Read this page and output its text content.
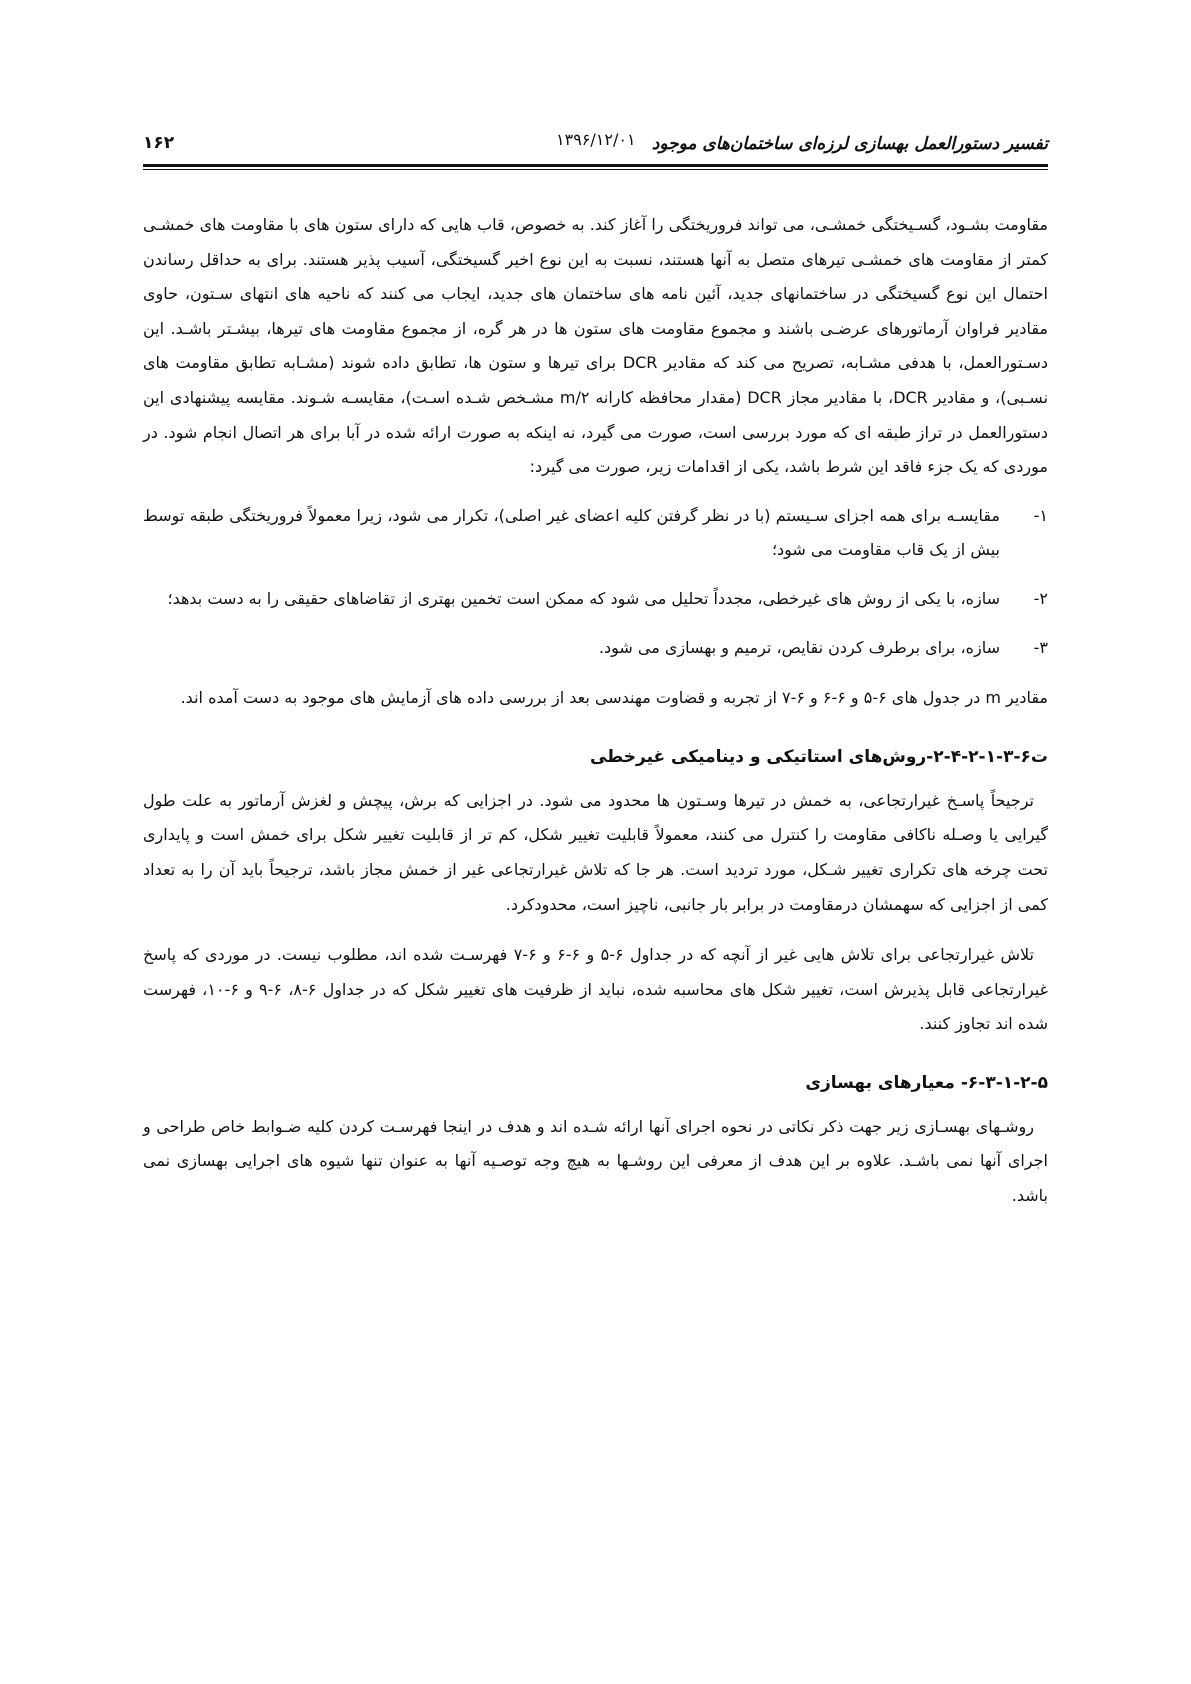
تفسیر دستورالعمل بهسازی لرزه‌ای ساختمان‌های موجود
۱۳۹۶/۱۲/۰۱
۱۶۲

مقاومت بشـود، گسـیختگی خمشـی، می تواند فروریختگی را آغاز کند. به خصوص، قاب هایی که دارای ستون های با مقاومت های خمشـی کمتر از مقاومت های خمشـی تیرهای متصل به آنها هستند، نسبت به این نوع اخیر گسیختگی، آسیب پذیر هستند. برای به حداقل رساندن احتمال این نوع گسیختگی در ساختمانهای جدید، آئین نامه های ساختمان های جدید، ایجاب می کنند که ناحیه های انتهای سـتون، حاوی مقادیر فراوان آرماتورهای عرضـی باشند و مجموع مقاومت های ستون ها در هر گره، از مجموع مقاومت های تیرها، بیشـتر باشـد. این دسـتورالعمل، با هدفی مشـابه، تصریح می کند که مقادیر DCR برای تیرها و ستون ها، تطابق داده شوند (مشـابه تطابق مقاومت های نسـبی)، و مقادیر DCR، با مقادیر مجاز DCR (مقدار محافظه کارانه m/۲ مشـخص شـده اسـت)، مقایسـه شـوند. مقایسه پیشنهادی این دستورالعمل در تراز طبقه ای که مورد بررسی است، صورت می گیرد، نه اینکه به صورت ارائه شده در آبا برای هر اتصال انجام شود. در موردی که یک جزء فاقد این شرط باشد، یکی از اقدامات زیر، صورت می گیرد:

۱-
مقایسـه برای همه اجزای سـیستم (با در نظر گرفتن کلیه اعضای غیر اصلی)، تکرار می شود، زیرا معمولاً فروریختگی طبقه توسط بیش از یک قاب مقاومت می شود؛
۲-
سازه، با یکی از روش های غیرخطی، مجدداً تحلیل می شود که ممکن است تخمین بهتری از تقاضاهای حقیقی را به دست بدهد؛
۳-
سازه، برای برطرف کردن نقایص، ترمیم و بهسازی می شود.

مقادیر m در جدول های ۶-۵ و ۶-۶ و ۶-۷ از تجربه و قضاوت مهندسی بعد از بررسی داده های آزمایش های موجود به دست آمده اند.

ت۶-۳-۱-۲-۴-۲-روش‌های استاتیکی و دینامیکی غیرخطی

ترجیحاً پاسـخ غیرارتجاعی، به خمش در تیرها وسـتون ها محدود می شود. در اجزایی که برش، پیچش و لغزش آرماتور به علت طول گیرایی یا وصـله ناکافی مقاومت را کنترل می کنند، معمولاً قابلیت تغییر شکل، کم تر از قابلیت تغییر شکل برای خمش است و پایداری تحت چرخه های تکراری تغییر شـکل، مورد تردید است. هر جا که تلاش غیرارتجاعی غیر از خمش مجاز باشد، ترجیحاً باید آن را به تعداد کمی از اجزایی که سهمشان درمقاومت در برابر بار جانبی، ناچیز است، محدودکرد.

تلاش غیرارتجاعی برای تلاش هایی غیر از آنچه که در جداول ۶-۵ و ۶-۶ و ۶-۷ فهرسـت شده اند، مطلوب نیست. در موردی که پاسخ غیرارتجاعی قابل پذیرش است، تغییر شکل های محاسبه شده، نباید از ظرفیت های تغییر شکل که در جداول ۶-۸، ۶-۹ و ۶-۱۰، فهرست شده اند تجاوز کنند.

۶-۳-۱-۲-۵- معیارهای بهسازی

روشـهای بهسـازی زیر جهت ذکر نکاتی در نحوه اجرای آنها ارائه شـده اند و هدف در اینجا فهرسـت کردن کلیه ضـوابط خاص طراحی و اجرای آنها نمی باشـد. علاوه بر این هدف از معرفی این روشـها به هیچ وجه توصـیه آنها به عنوان تنها شیوه های اجرایی بهسازی نمی باشد.
